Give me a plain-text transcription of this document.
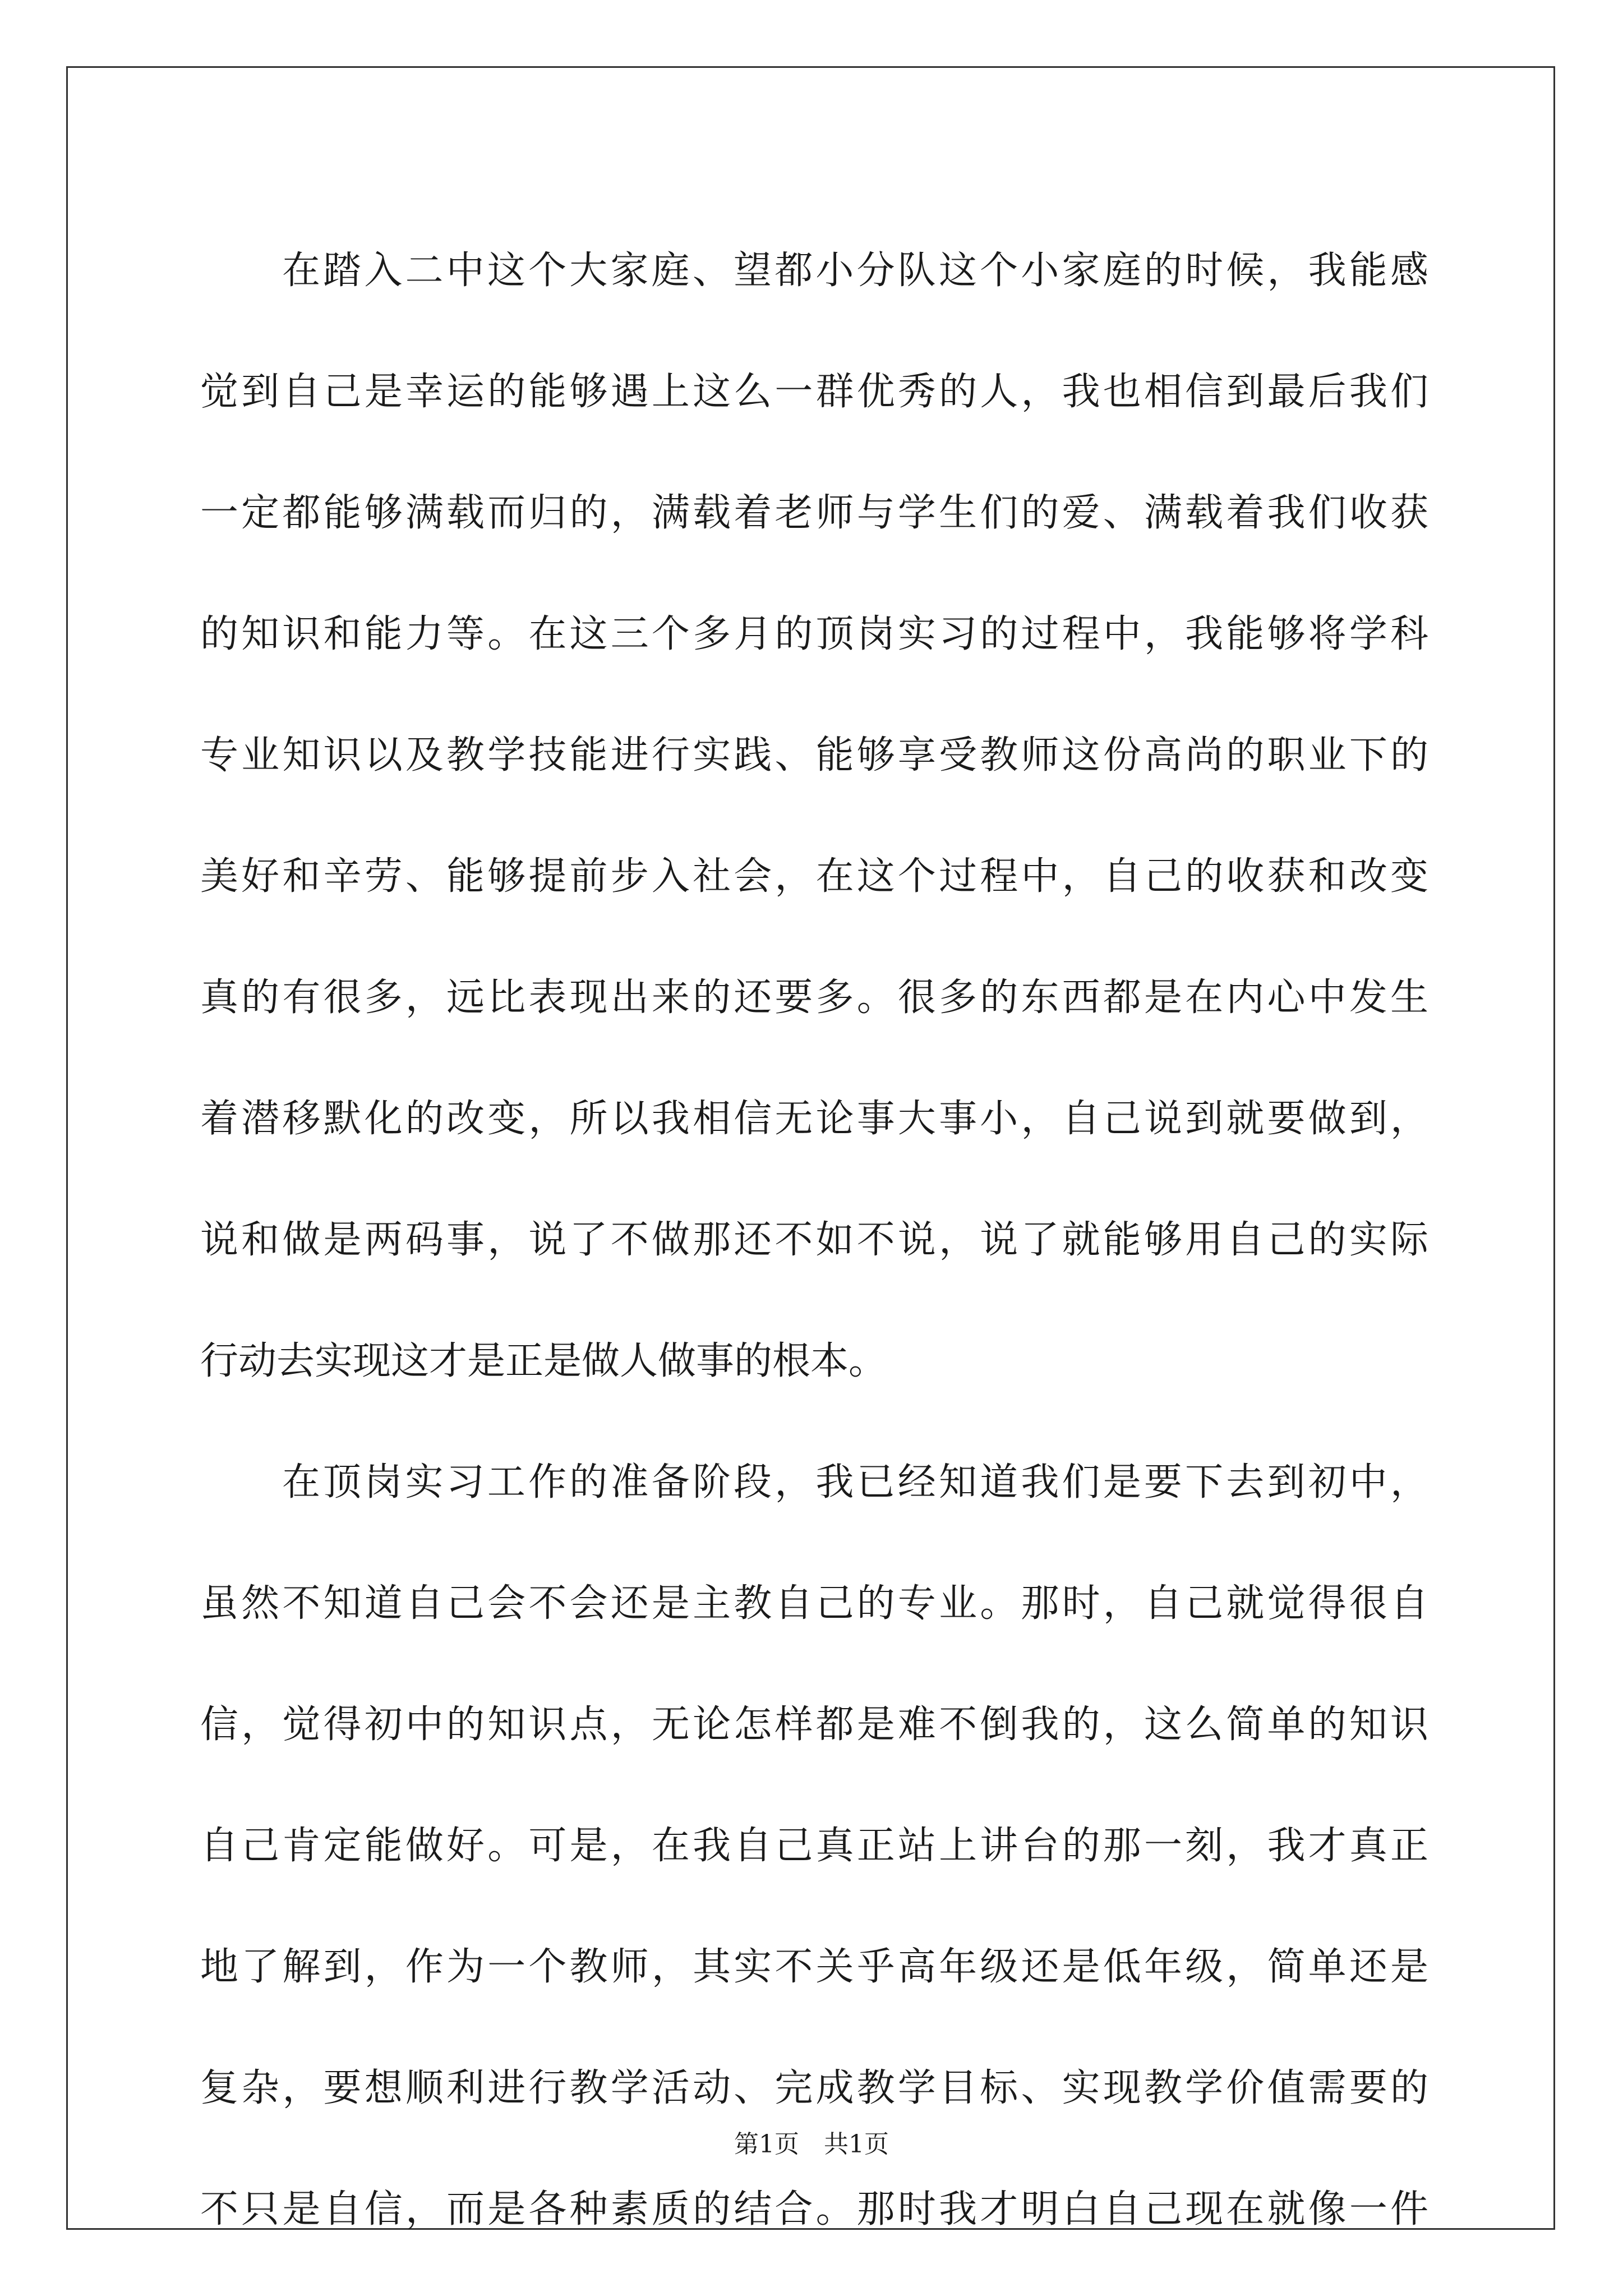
在踏入二中这个大家庭、望都小分队这个小家庭的时候，我能感
觉到自己是幸运的能够遇上这么一群优秀的人，我也相信到最后我们
一定都能够满载而归的，满载着老师与学生们的爱、满载着我们收获
的知识和能力等。在这三个多月的顶岗实习的过程中，我能够将学科
专业知识以及教学技能进行实践、能够享受教师这份高尚的职业下的
美好和辛劳、能够提前步入社会，在这个过程中，自己的收获和改变
真的有很多，远比表现出来的还要多。很多的东西都是在内心中发生
着潜移默化的改变，所以我相信无论事大事小，自己说到就要做到，
说和做是两码事，说了不做那还不如不说，说了就能够用自己的实际
行动去实现这才是正是做人做事的根本。
在顶岗实习工作的准备阶段，我已经知道我们是要下去到初中，
虽然不知道自己会不会还是主教自己的专业。那时，自己就觉得很自
信，觉得初中的知识点，无论怎样都是难不倒我的，这么简单的知识
自己肯定能做好。可是，在我自己真正站上讲台的那一刻，我才真正
地了解到，作为一个教师，其实不关乎高年级还是低年级，简单还是
复杂，要想顺利进行教学活动、完成教学目标、实现教学价值需要的
不只是自信，而是各种素质的结合。那时我才明白自己现在就像一件
第1页　共1页
